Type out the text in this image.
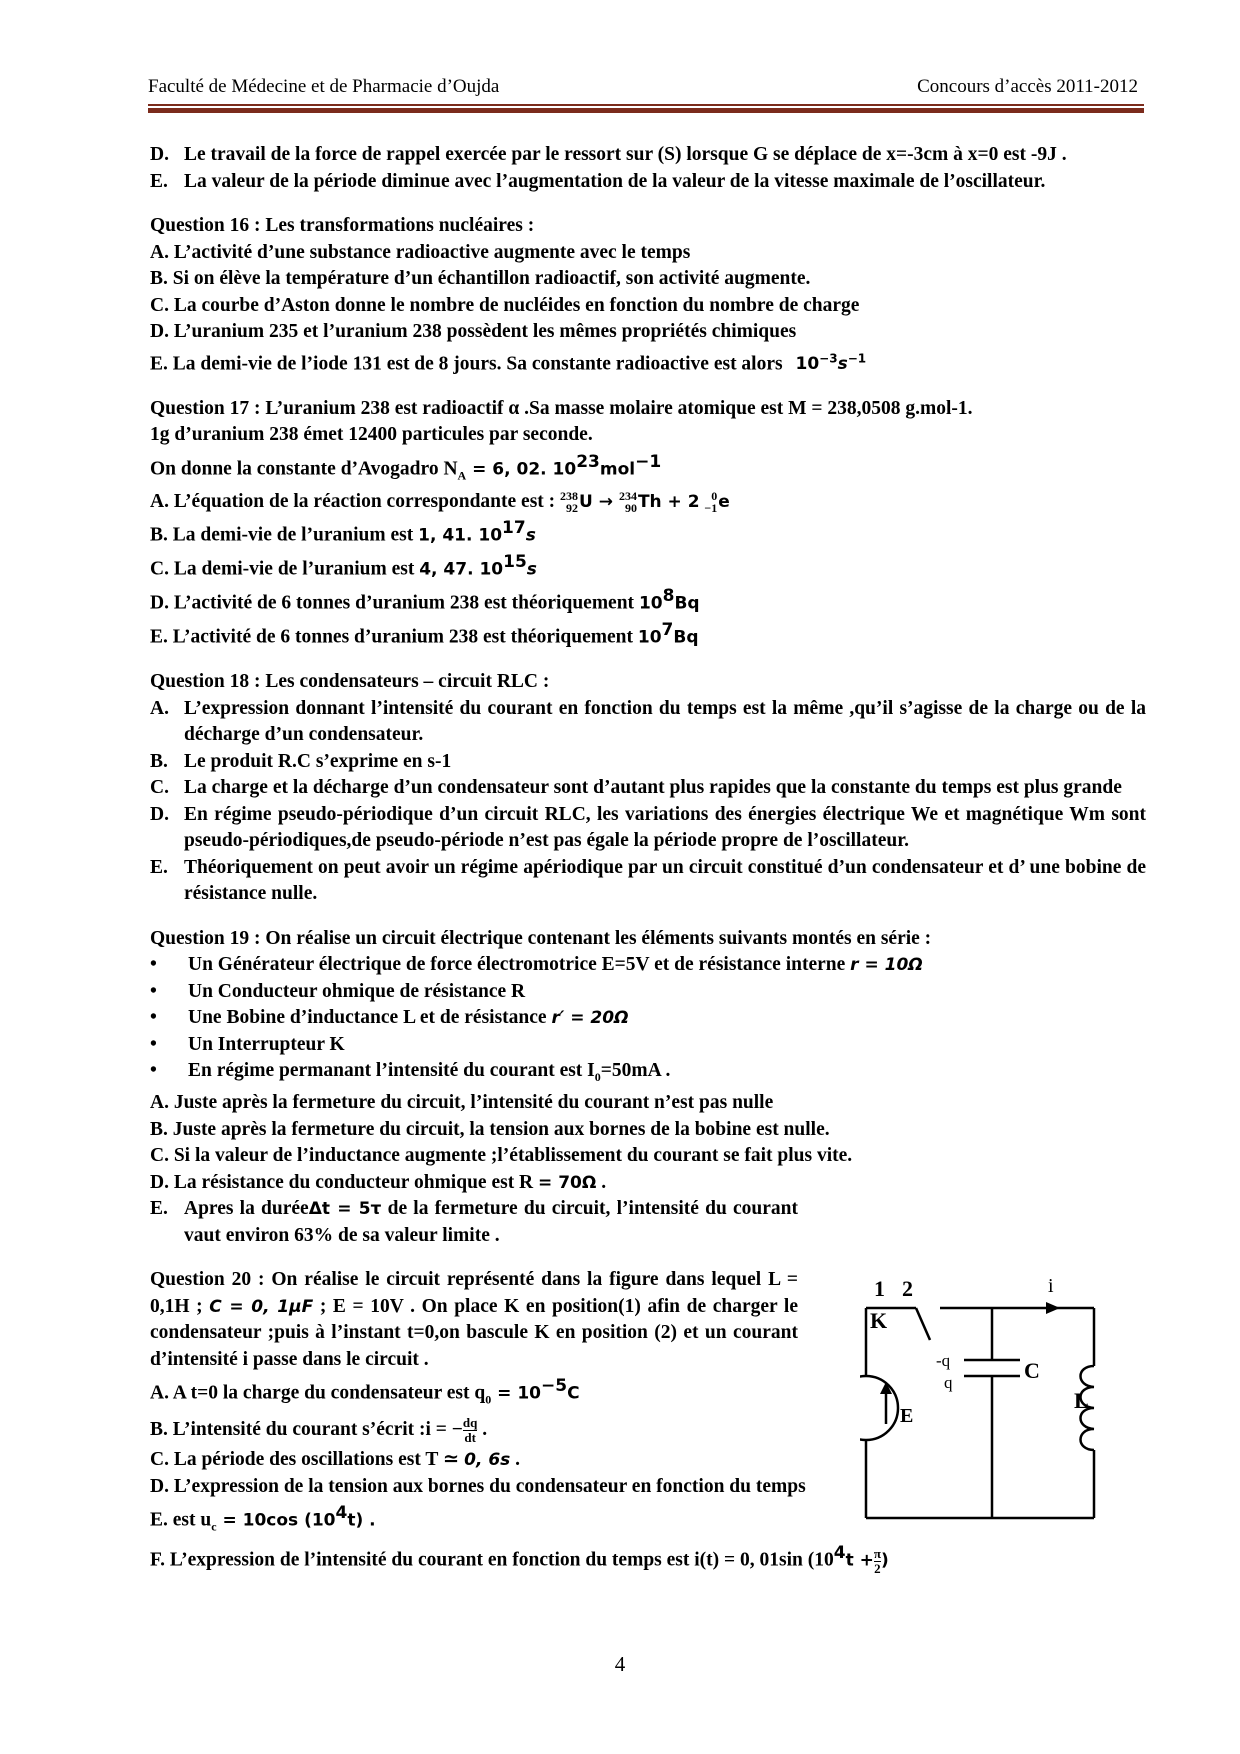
Faculté de Médecine et de Pharmacie d’Oujda	Concours d’accès 2011-2012
D. Le travail de la force de rappel exercée par le ressort sur (S) lorsque G se déplace de x=-3cm à x=0 est -9J .
E. La valeur de la période diminue avec l’augmentation de la valeur de la vitesse maximale de l’oscillateur.
Question 16 : Les transformations nucléaires :
A. L’activité d’une substance radioactive augmente avec le temps
B. Si on élève la température d’un échantillon radioactif, son activité augmente.
C. La courbe d’Aston donne le nombre de nucléides en fonction du nombre de charge
D. L’uranium 235 et l’uranium 238 possèdent les mêmes propriétés chimiques
E. La demi-vie de l’iode 131 est de 8 jours. Sa constante radioactive est alors $10^{-3}s^{-1}$
Question 17 : L’uranium 238 est radioactif α .Sa masse molaire atomique est M = 238,0508 g.mol-1.
1g d’uranium 238 émet 12400 particules par seconde.
On donne la constante d’Avogadro $N_A = 6$, 02. $10^{23}mol^{-1}$
A. L’équation de la réaction correspondante est : 238
92 U → 234
90 Th + 2 0
−1 e
B. La demi-vie de l’uranium est 1, 41. $10^{17}s$
C. La demi-vie de l’uranium est 4, 47. $10^{15}s$
D. L’activité de 6 tonnes d’uranium 238 est théoriquement $10^8Bq$
E. L’activité de 6 tonnes d’uranium 238 est théoriquement $10^7Bq$
Question 18 : Les condensateurs – circuit RLC :
A. L’expression donnant l’intensité du courant en fonction du temps est la même ,qu’il s’agisse de la charge ou de la décharge d’un condensateur.
B. Le produit R.C s’exprime en s-1
C. La charge et la décharge d’un condensateur sont d’autant plus rapides que la constante du temps est plus grande
D. En régime pseudo-périodique d’un circuit RLC, les variations des énergies électrique We et magnétique Wm sont pseudo-périodiques,de pseudo-période n’est pas égale la période propre de l’oscillateur.
E. Théoriquement on peut avoir un régime apériodique par un circuit constitué d’un condensateur et d’ une bobine de résistance nulle.
Question 19 : On réalise un circuit électrique contenant les éléments suivants montés en série :
•	Un Générateur électrique de force électromotrice E=5V et de résistance interne r = 10Ω
•	Un Conducteur ohmique de résistance R
•	Une Bobine d’inductance L et de résistance r′ = 20Ω
•	Un Interrupteur K
•	En régime permanant l’intensité du courant est $I_0=50mA$ .
A. Juste après la fermeture du circuit, l’intensité du courant n’est pas nulle
B. Juste après la fermeture du circuit, la tension aux bornes de la bobine est nulle.
C. Si la valeur de l’inductance augmente ;l’établissement du courant se fait plus vite.
D. La résistance du conducteur ohmique est R = 70Ω .
E. Apres la duréeΔt = 5τ de la fermeture du circuit, l’intensité du courant vaut environ 63% de sa valeur limite .
Question 20 : On réalise le circuit représenté dans la figure dans lequel L = 0,1H ; C = 0, 1μF ; E = 10V . On place K en position(1) afin de charger le condensateur ;puis à l’instant t=0,on bascule K en position (2) et un courant d’intensité i passe dans le circuit .
A. A t=0 la charge du condensateur est $q_0 = 10^{-5}C$
B. L’intensité du courant s’écrit :i = − $\frac{dq}{dt}$ .
C. La période des oscillations est T ≃ 0, 6s .
D. L’expression de la tension aux bornes du condensateur en fonction du temps
E. est $u_c = 10\cos$ $(10^4t)$ .
F. L’expression de l’intensité du courant en fonction du temps est i(t) = 0, 01sin ($10^4t + \frac{\pi}{2}$ )
1 2
K
i
E
C
L
-q
q
4
